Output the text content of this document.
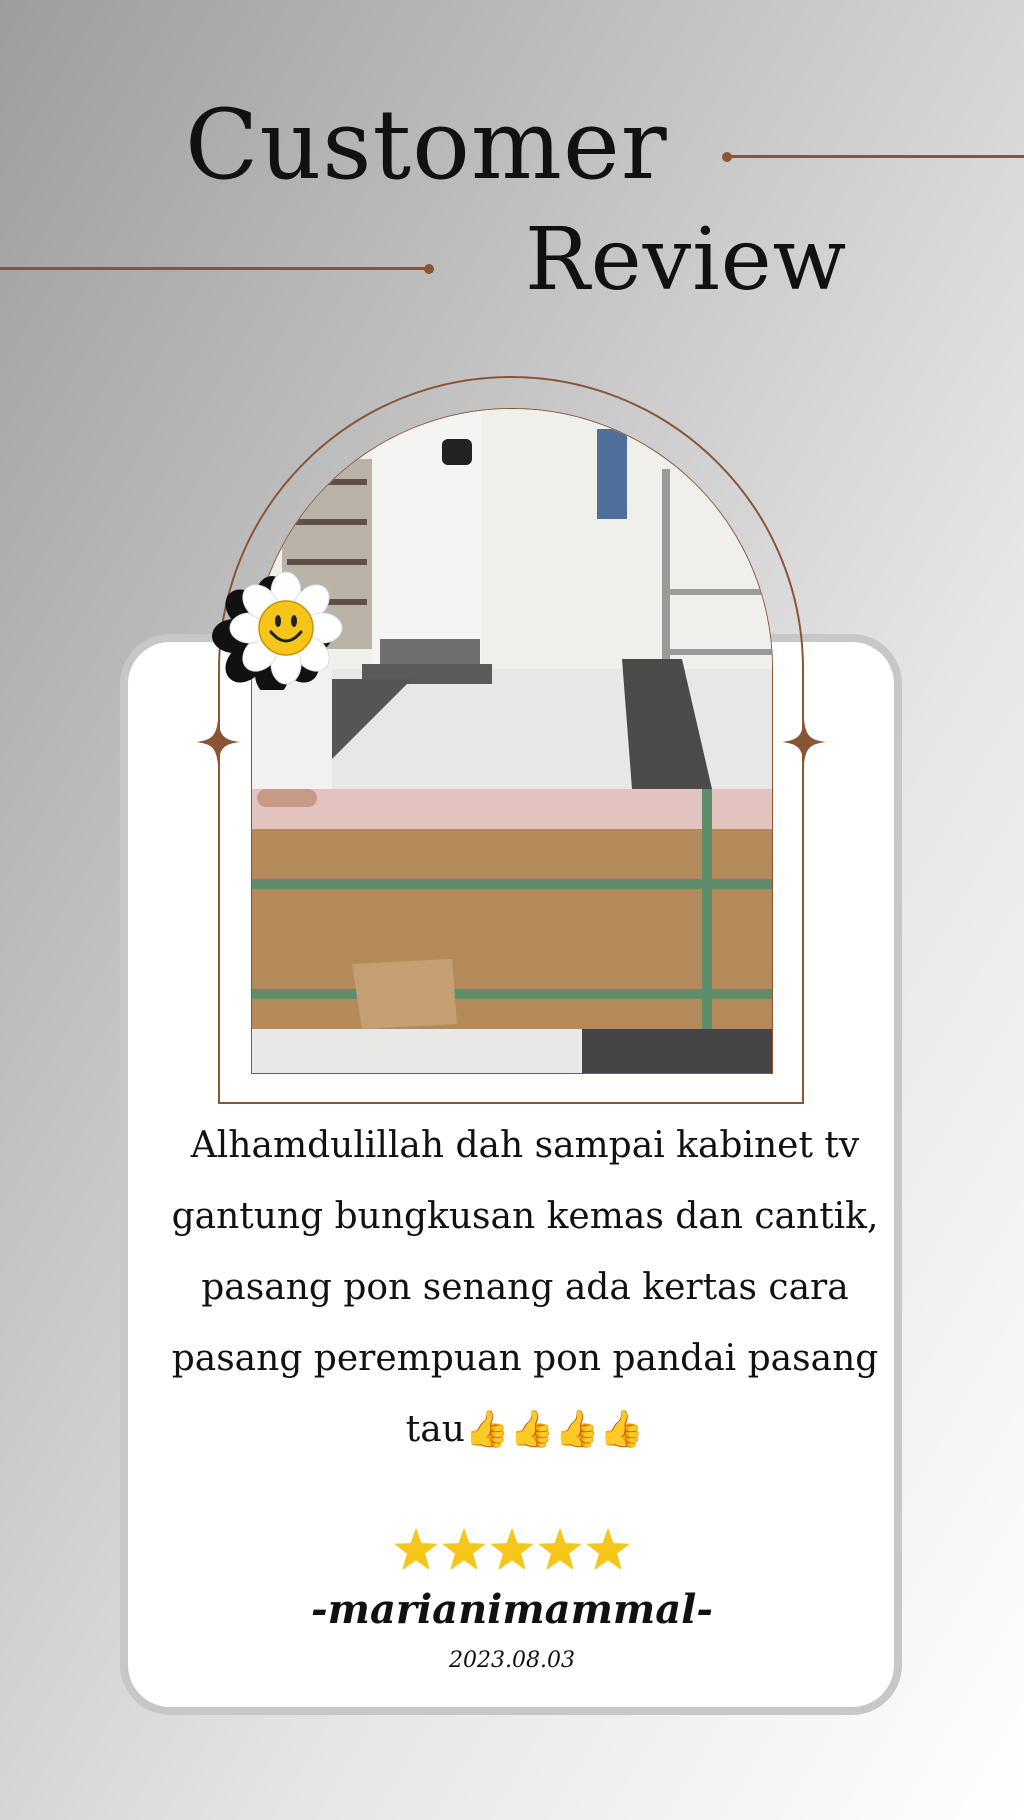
Customer
Review

Alhamdulillah dah sampai kabinet tv gantung bungkusan kemas dan cantik, pasang pon senang ada kertas cara pasang perempuan pon pandai pasang tau👍👍👍👍

-marianimammal-
2023.08.03
